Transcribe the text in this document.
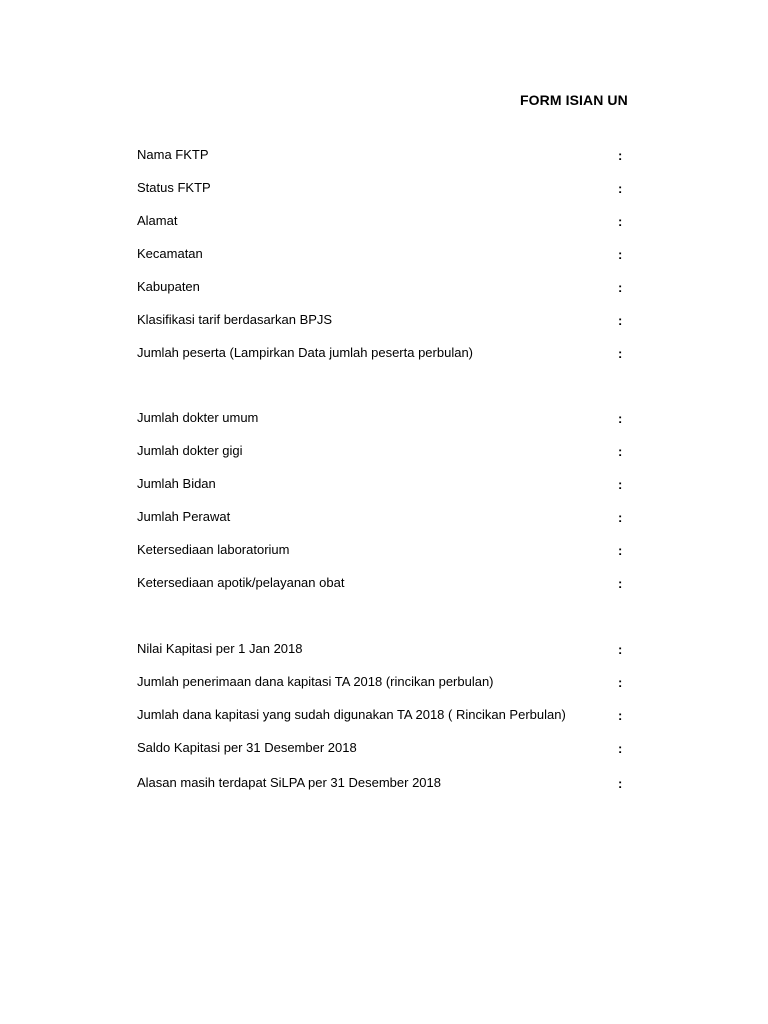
FORM ISIAN UN
Nama FKTP	:
Status FKTP	:
Alamat	:
Kecamatan	:
Kabupaten	:
Klasifikasi tarif berdasarkan BPJS	:
Jumlah peserta (Lampirkan Data jumlah peserta perbulan)	:
Jumlah dokter umum	:
Jumlah dokter gigi	:
Jumlah Bidan	:
Jumlah Perawat	:
Ketersediaan laboratorium	:
Ketersediaan apotik/pelayanan obat	:
Nilai Kapitasi per 1 Jan 2018	:
Jumlah penerimaan dana kapitasi TA 2018 (rincikan perbulan)	:
Jumlah dana kapitasi yang sudah digunakan TA 2018 ( Rincikan Perbulan)	:
Saldo Kapitasi per 31 Desember 2018	:
Alasan masih terdapat SiLPA per 31 Desember 2018	:
